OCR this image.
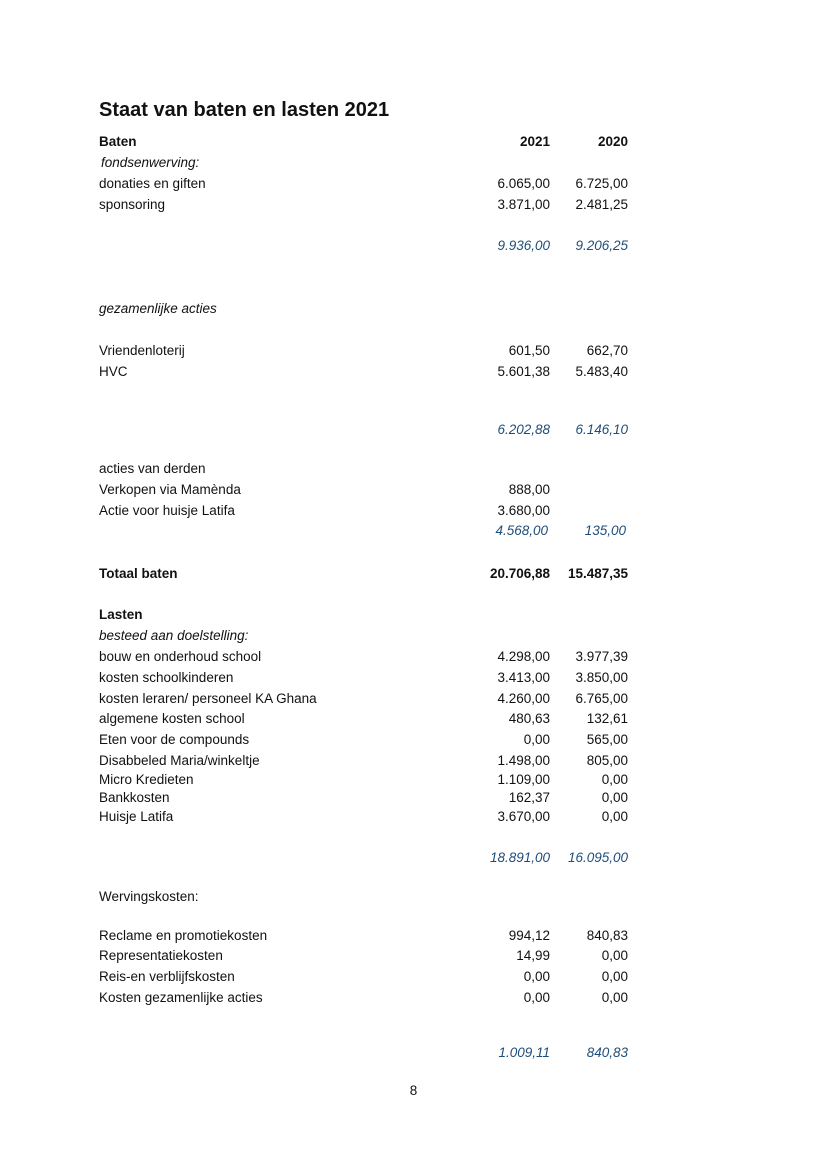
Staat van baten en lasten 2021
Baten	2021	2020
fondsenwerving:
donaties en giften	6.065,00 6.725,00
sponsoring	3.871,00 2.481,25
9.936,00 9.206,25
gezamenlijke acties
Vriendenloterij	601,50	662,70
HVC	5.601,38 5.483,40
6.202,88 6.146,10
acties van derden
Verkopen via Mamènda	888,00
Actie voor huisje Latifa	3.680,00
4.568,00	135,00
Totaal baten	20.706,88 15.487,35
Lasten
besteed aan doelstelling:
bouw en onderhoud school	4.298,00 3.977,39
kosten schoolkinderen	3.413,00 3.850,00
kosten leraren/ personeel KA Ghana	4.260,00 6.765,00
algemene kosten school	480,63	132,61
Eten voor de compounds	0,00	565,00
Disabbeled Maria/winkeltje	1.498,00	805,00
Micro Kredieten	1.109,00	0,00
Bankkosten	162,37	0,00
Huisje Latifa	3.670,00	0,00
18.891,00 16.095,00
Wervingskosten:
Reclame en promotiekosten	994,12	840,83
Representatiekosten	14,99	0,00
Reis-en verblijfskosten	0,00	0,00
Kosten gezamenlijke acties	0,00	0,00
1.009,11	840,83
8
